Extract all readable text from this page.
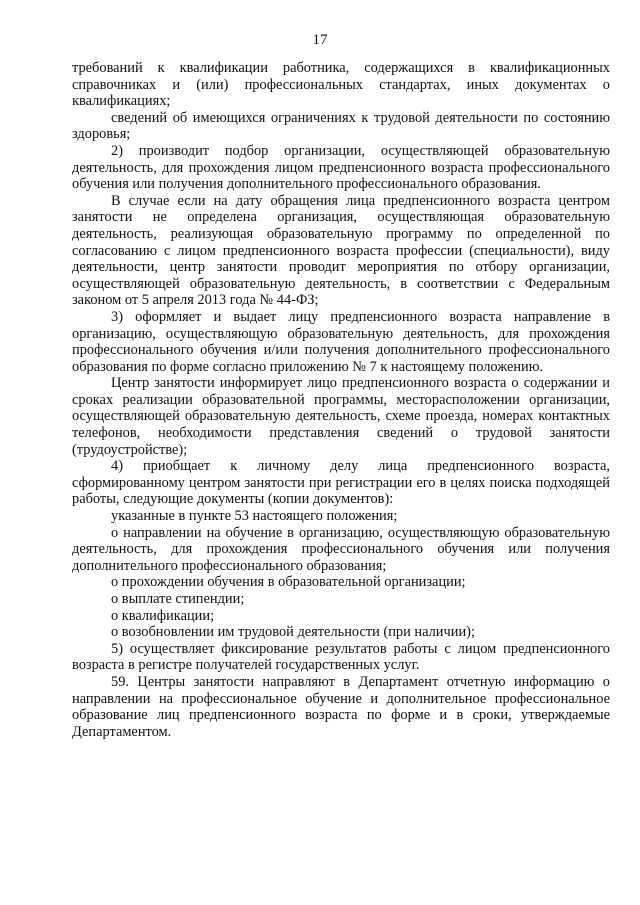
17

требований к квалификации работника, содержащихся в квалификационных справочниках и (или) профессиональных стандартах, иных документах о квалификациях;

сведений об имеющихся ограничениях к трудовой деятельности по состоянию здоровья;

2) производит подбор организации, осуществляющей образовательную деятельность, для прохождения лицом предпенсионного возраста профессионального обучения или получения дополнительного профессионального образования.

В случае если на дату обращения лица предпенсионного возраста центром занятости не определена организация, осуществляющая образовательную деятельность, реализующая образовательную программу по определенной по согласованию с лицом предпенсионного возраста профессии (специальности), виду деятельности, центр занятости проводит мероприятия по отбору организации, осуществляющей образовательную деятельность, в соответствии с Федеральным законом от 5 апреля 2013 года № 44-ФЗ;

3) оформляет и выдает лицу предпенсионного возраста направление в организацию, осуществляющую образовательную деятельность, для прохождения профессионального обучения и/или получения дополнительного профессионального образования по форме согласно приложению № 7 к настоящему положению.

Центр занятости информирует лицо предпенсионного возраста о содержании и сроках реализации образовательной программы, месторасположении организации, осуществляющей образовательную деятельность, схеме проезда, номерах контактных телефонов, необходимости представления сведений о трудовой занятости (трудоустройстве);

4) приобщает к личному делу лица предпенсионного возраста, сформированному центром занятости при регистрации его в целях поиска подходящей работы, следующие документы (копии документов):

указанные в пункте 53 настоящего положения;

о направлении на обучение в организацию, осуществляющую образовательную деятельность, для прохождения профессионального обучения или получения дополнительного профессионального образования;

о прохождении обучения в образовательной организации;

о выплате стипендии;

о квалификации;

о возобновлении им трудовой деятельности (при наличии);

5) осуществляет фиксирование результатов работы с лицом предпенсионного возраста в регистре получателей государственных услуг.

59. Центры занятости направляют в Департамент отчетную информацию о направлении на профессиональное обучение и дополнительное профессиональное образование лиц предпенсионного возраста по форме и в сроки, утверждаемые Департаментом.
